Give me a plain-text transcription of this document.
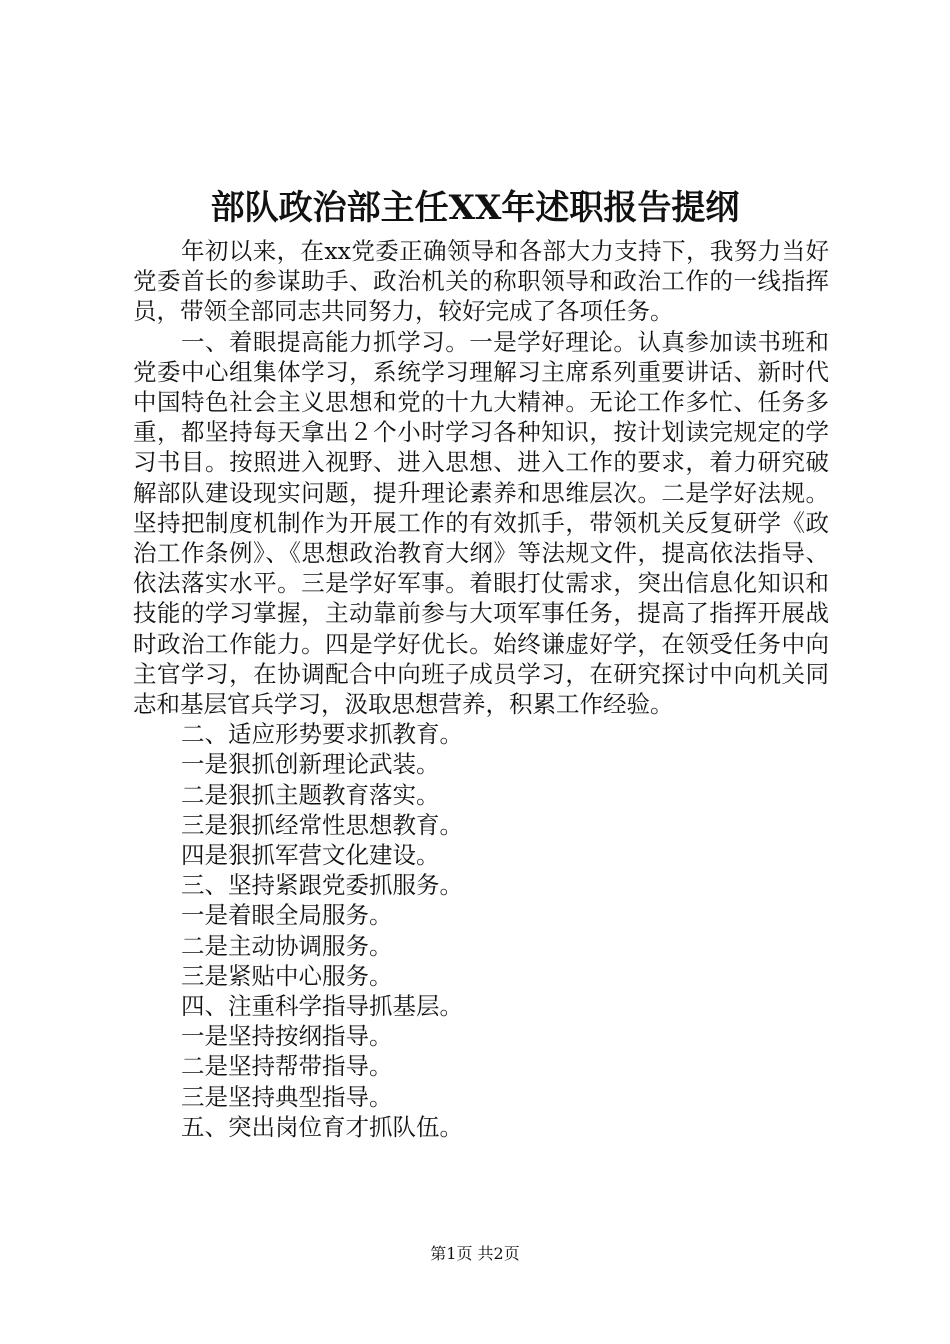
部队政治部主任XX年述职报告提纲

年初以来，在xx党委正确领导和各部大力支持下，我努力当好党委首长的参谋助手、政治机关的称职领导和政治工作的一线指挥员，带领全部同志共同努力，较好完成了各项任务。

一、着眼提高能力抓学习。一是学好理论。认真参加读书班和党委中心组集体学习，系统学习理解习主席系列重要讲话、新时代中国特色社会主义思想和党的十九大精神。无论工作多忙、任务多重，都坚持每天拿出２个小时学习各种知识，按计划读完规定的学习书目。按照进入视野、进入思想、进入工作的要求，着力研究破解部队建设现实问题，提升理论素养和思维层次。二是学好法规。坚持把制度机制作为开展工作的有效抓手，带领机关反复研学《政治工作条例》、《思想政治教育大纲》等法规文件，提高依法指导、依法落实水平。三是学好军事。着眼打仗需求，突出信息化知识和技能的学习掌握，主动靠前参与大项军事任务，提高了指挥开展战时政治工作能力。四是学好优长。始终谦虚好学，在领受任务中向主官学习，在协调配合中向班子成员学习，在研究探讨中向机关同志和基层官兵学习，汲取思想营养，积累工作经验。

二、适应形势要求抓教育。

一是狠抓创新理论武装。

二是狠抓主题教育落实。

三是狠抓经常性思想教育。

四是狠抓军营文化建设。

三、坚持紧跟党委抓服务。

一是着眼全局服务。

二是主动协调服务。

三是紧贴中心服务。

四、注重科学指导抓基层。

一是坚持按纲指导。

二是坚持帮带指导。

三是坚持典型指导。

五、突出岗位育才抓队伍。

第1页 共2页
